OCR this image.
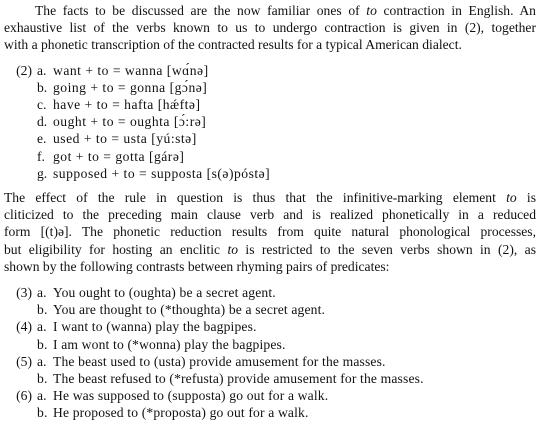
The facts to be discussed are the now familiar ones of to contraction in English. An
exhaustive list of the verbs known to us to undergo contraction is given in (2), together
with a phonetic transcription of the contracted results for a typical American dialect.
(2) a. want + to = wanna [wɑ́nə]
b. going + to = gonna [gɔ́nə]
c. have + to = hafta [hǽftə]
d. ought + to = oughta [ɔ́:rə]
e. used + to = usta [yú:stə]
f. got + to = gotta [gárə]
g. supposed + to = supposta [s(ə)póstə]
The effect of the rule in question is thus that the infinitive-marking element to is
cliticized to the preceding main clause verb and is realized phonetically in a reduced
form [(t)ə]. The phonetic reduction results from quite natural phonological processes,
but eligibility for hosting an enclitic to is restricted to the seven verbs shown in (2), as
shown by the following contrasts between rhyming pairs of predicates:
(3) a. You ought to (oughta) be a secret agent.
b. You are thought to (*thoughta) be a secret agent.
(4) a. I want to (wanna) play the bagpipes.
b. I am wont to (*wonna) play the bagpipes.
(5) a. The beast used to (usta) provide amusement for the masses.
b. The beast refused to (*refusta) provide amusement for the masses.
(6) a. He was supposed to (supposta) go out for a walk.
b. He proposed to (*proposta) go out for a walk.
